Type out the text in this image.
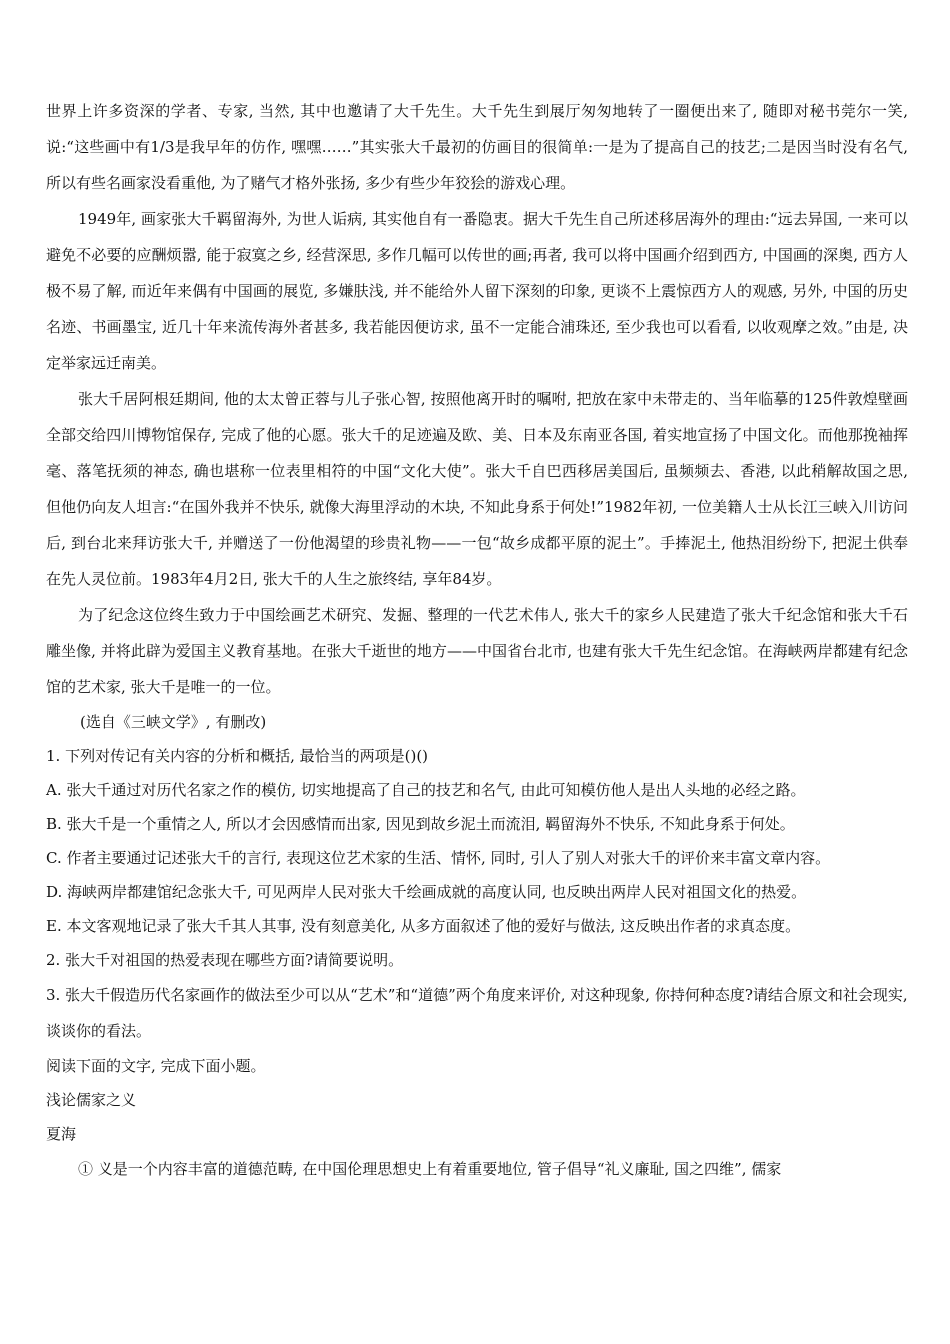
世界上许多资深的学者、专家, 当然, 其中也邀请了大千先生。大千先生到展厅匆匆地转了一圈便出来了, 随即对秘书莞尔一笑, 说:“这些画中有1/3是我早年的仿作, 嘿嘿……”其实张大千最初的仿画目的很简单:一是为了提高自己的技艺;二是因当时没有名气, 所以有些名画家没看重他, 为了赌气才格外张扬, 多少有些少年狡狯的游戏心理。

1949年, 画家张大千羁留海外, 为世人诟病, 其实他自有一番隐衷。据大千先生自己所述移居海外的理由:“远去异国, 一来可以避免不必要的应酬烦嚣, 能于寂寞之乡, 经营深思, 多作几幅可以传世的画;再者, 我可以将中国画介绍到西方, 中国画的深奥, 西方人极不易了解, 而近年来偶有中国画的展览, 多嫌肤浅, 并不能给外人留下深刻的印象, 更谈不上震惊西方人的观感, 另外, 中国的历史名迹、书画墨宝, 近几十年来流传海外者甚多, 我若能因便访求, 虽不一定能合浦珠还, 至少我也可以看看, 以收观摩之效。”由是, 决定举家远迁南美。

张大千居阿根廷期间, 他的太太曾正蓉与儿子张心智, 按照他离开时的嘱咐, 把放在家中未带走的、当年临摹的125件敦煌壁画全部交给四川博物馆保存, 完成了他的心愿。张大千的足迹遍及欧、美、日本及东南亚各国, 着实地宣扬了中国文化。而他那挽袖挥毫、落笔抚须的神态, 确也堪称一位表里相符的中国“文化大使”。张大千自巴西移居美国后, 虽频频去、香港, 以此稍解故国之思, 但他仍向友人坦言:“在国外我并不快乐, 就像大海里浮动的木块, 不知此身系于何处!”1982年初, 一位美籍人士从长江三峡入川访问后, 到台北来拜访张大千, 并赠送了一份他渴望的珍贵礼物——一包“故乡成都平原的泥土”。手捧泥土, 他热泪纷纷下, 把泥土供奉在先人灵位前。1983年4月2日, 张大千的人生之旅终结, 享年84岁。

为了纪念这位终生致力于中国绘画艺术研究、发掘、整理的一代艺术伟人, 张大千的家乡人民建造了张大千纪念馆和张大千石雕坐像, 并将此辟为爱国主义教育基地。在张大千逝世的地方——中国省台北市, 也建有张大千先生纪念馆。在海峡两岸都建有纪念馆的艺术家, 张大千是唯一的一位。

(选自《三峡文学》, 有删改)

1. 下列对传记有关内容的分析和概括, 最恰当的两项是()()

A. 张大千通过对历代名家之作的模仿, 切实地提高了自己的技艺和名气, 由此可知模仿他人是出人头地的必经之路。

B. 张大千是一个重情之人, 所以才会因感情而出家, 因见到故乡泥土而流泪, 羁留海外不快乐, 不知此身系于何处。

C. 作者主要通过记述张大千的言行, 表现这位艺术家的生活、情怀, 同时, 引人了别人对张大千的评价来丰富文章内容。

D. 海峡两岸都建馆纪念张大千, 可见两岸人民对张大千绘画成就的高度认同, 也反映出两岸人民对祖国文化的热爱。

E. 本文客观地记录了张大千其人其事, 没有刻意美化, 从多方面叙述了他的爱好与做法, 这反映出作者的求真态度。

2. 张大千对祖国的热爱表现在哪些方面?请简要说明。

3. 张大千假造历代名家画作的做法至少可以从“艺术”和“道德”两个角度来评价, 对这种现象, 你持何种态度?请结合原文和社会现实, 谈谈你的看法。

阅读下面的文字, 完成下面小题。

浅论儒家之义

夏海

① 义是一个内容丰富的道德范畴, 在中国伦理思想史上有着重要地位, 管子倡导“礼义廉耻, 国之四维”, 儒家
